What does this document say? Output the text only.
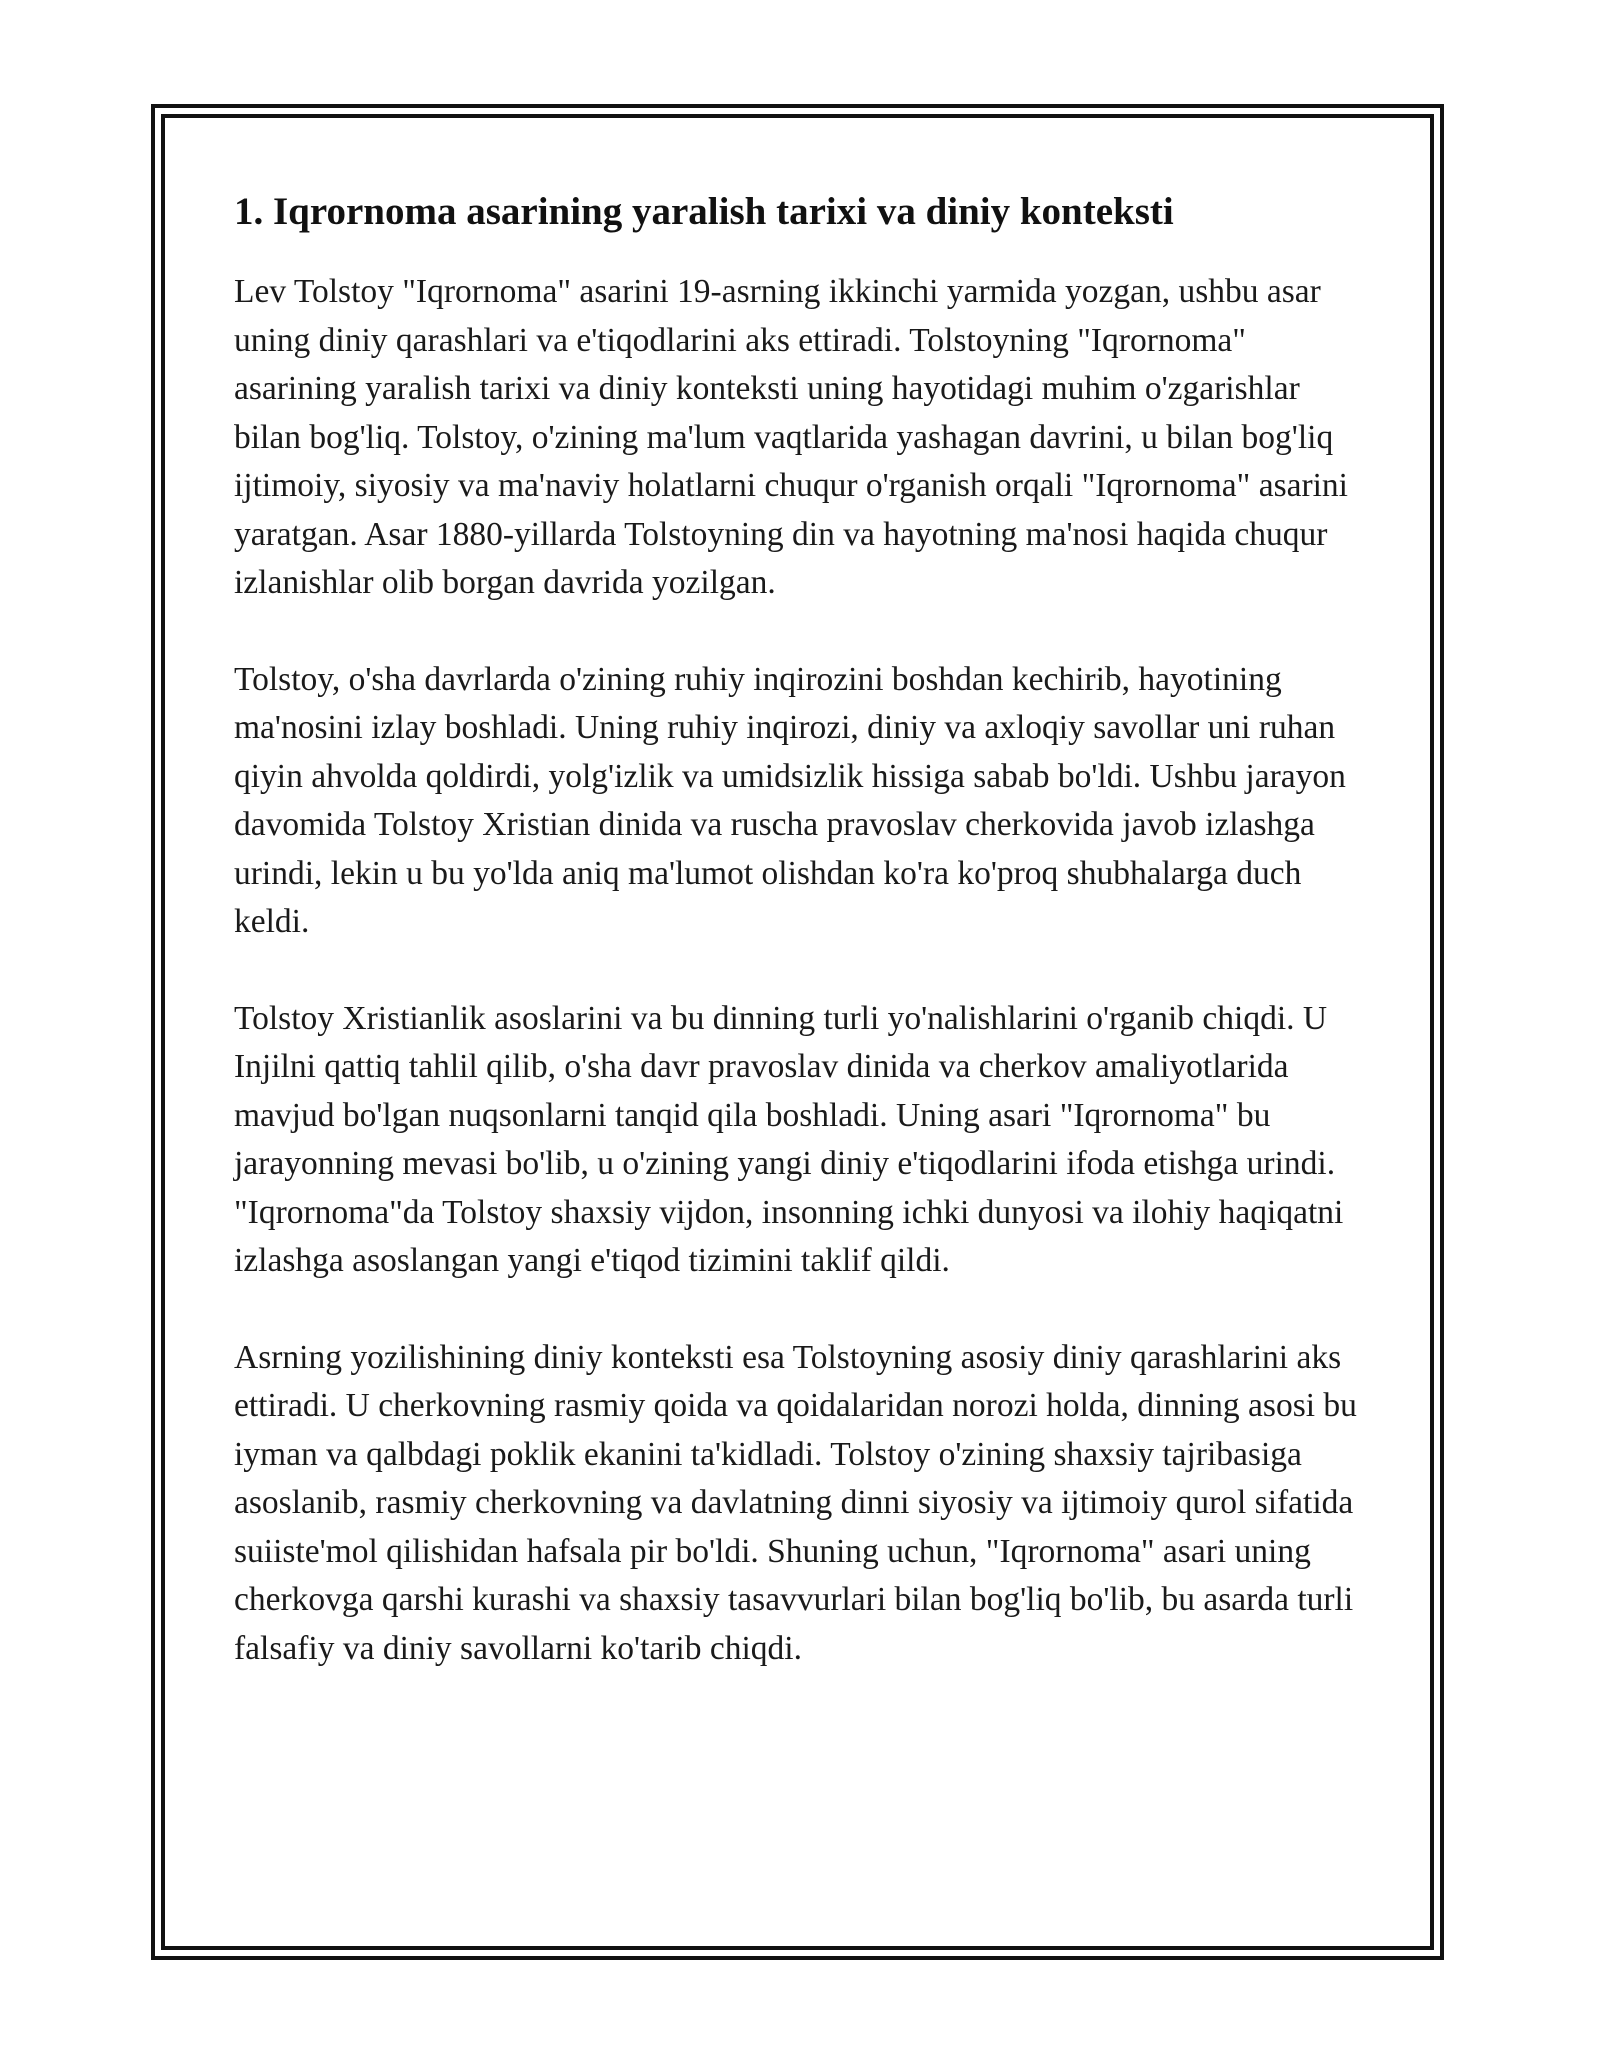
1. Iqrornoma asarining yaralish tarixi va diniy konteksti

Lev Tolstoy "Iqrornoma" asarini 19-asrning ikkinchi yarmida yozgan, ushbu asar uning diniy qarashlari va e'tiqodlarini aks ettiradi. Tolstoyning "Iqrornoma" asarining yaralish tarixi va diniy konteksti uning hayotidagi muhim o'zgarishlar bilan bog'liq. Tolstoy, o'zining ma'lum vaqtlarida yashagan davrini, u bilan bog'liq ijtimoiy, siyosiy va ma'naviy holatlarni chuqur o'rganish orqali "Iqrornoma" asarini yaratgan. Asar 1880-yillarda Tolstoyning din va hayotning ma'nosi haqida chuqur izlanishlar olib borgan davrida yozilgan.

Tolstoy, o'sha davrlarda o'zining ruhiy inqirozini boshdan kechirib, hayotining ma'nosini izlay boshladi. Uning ruhiy inqirozi, diniy va axloqiy savollar uni ruhan qiyin ahvolda qoldirdi, yolg'izlik va umidsizlik hissiga sabab bo'ldi. Ushbu jarayon davomida Tolstoy Xristian dinida va ruscha pravoslav cherkovida javob izlashga urindi, lekin u bu yo'lda aniq ma'lumot olishdan ko'ra ko'proq shubhalarga duch keldi.

Tolstoy Xristianlik asoslarini va bu dinning turli yo'nalishlarini o'rganib chiqdi. U Injilni qattiq tahlil qilib, o'sha davr pravoslav dinida va cherkov amaliyotlarida mavjud bo'lgan nuqsonlarni tanqid qila boshladi. Uning asari "Iqrornoma" bu jarayonning mevasi bo'lib, u o'zining yangi diniy e'tiqodlarini ifoda etishga urindi. "Iqrornoma"da Tolstoy shaxsiy vijdon, insonning ichki dunyosi va ilohiy haqiqatni izlashga asoslangan yangi e'tiqod tizimini taklif qildi.

Asrning yozilishining diniy konteksti esa Tolstoyning asosiy diniy qarashlarini aks ettiradi. U cherkovning rasmiy qoida va qoidalaridan norozi holda, dinning asosi bu iyman va qalbdagi poklik ekanini ta'kidladi. Tolstoy o'zining shaxsiy tajribasiga asoslanib, rasmiy cherkovning va davlatning dinni siyosiy va ijtimoiy qurol sifatida suiiste'mol qilishidan hafsala pir bo'ldi. Shuning uchun, "Iqrornoma" asari uning cherkovga qarshi kurashi va shaxsiy tasavvurlari bilan bog'liq bo'lib, bu asarda turli falsafiy va diniy savollarni ko'tarib chiqdi.
